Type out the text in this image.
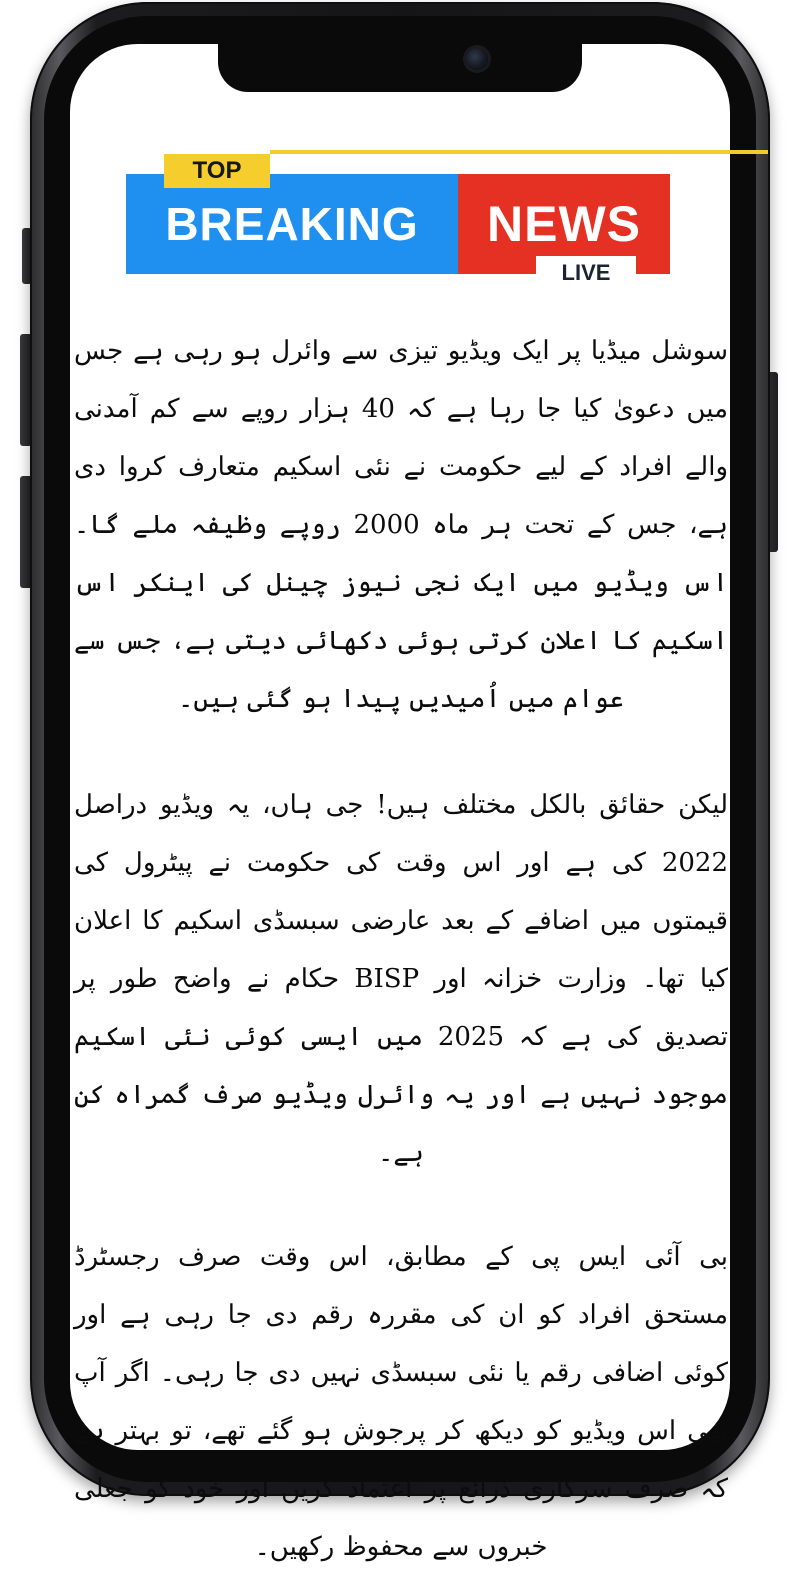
BREAKING	NEWS
TOP
LIVE

سوشل میڈیا پر ایک ویڈیو تیزی سے وائرل ہو رہی ہے جس میں دعویٰ کیا جا رہا ہے کہ 40 ہزار روپے سے کم آمدنی والے افراد کے لیے حکومت نے نئی اسکیم متعارف کروا دی ہے، جس کے تحت ہر ماہ 2000 روپے وظیفہ ملے گا۔ اس ویڈیو میں ایک نجی نیوز چینل کی اینکر اس اسکیم کا اعلان کرتی ہوئی دکھائی دیتی ہے، جس سے عوام میں اُمیدیں پیدا ہو گئی ہیں۔

لیکن حقائق بالکل مختلف ہیں! جی ہاں، یہ ویڈیو دراصل 2022 کی ہے اور اس وقت کی حکومت نے پیٹرول کی قیمتوں میں اضافے کے بعد عارضی سبسڈی اسکیم کا اعلان کیا تھا۔ وزارت خزانہ اور BISP حکام نے واضح طور پر تصدیق کی ہے کہ 2025 میں ایسی کوئی نئی اسکیم موجود نہیں ہے اور یہ وائرل ویڈیو صرف گمراہ کن ہے۔

بی آئی ایس پی کے مطابق، اس وقت صرف رجسٹرڈ مستحق افراد کو ان کی مقررہ رقم دی جا رہی ہے اور کوئی اضافی رقم یا نئی سبسڈی نہیں دی جا رہی۔ اگر آپ بھی اس ویڈیو کو دیکھ کر پرجوش ہو گئے تھے، تو بہتر ہے کہ صرف سرکاری ذرائع پر اعتماد کریں اور خود کو جعلی خبروں سے محفوظ رکھیں۔
